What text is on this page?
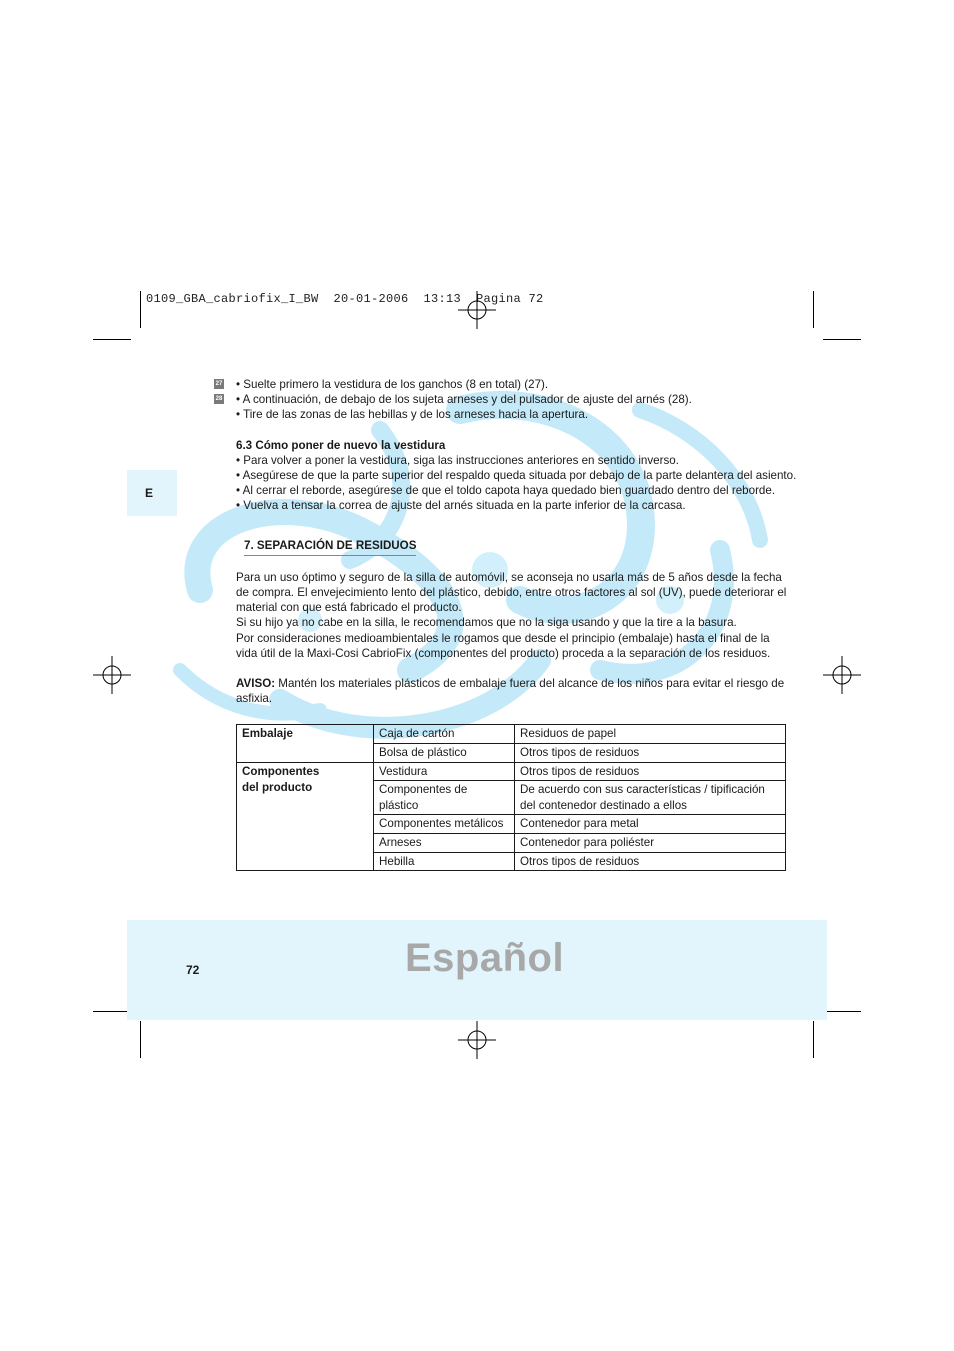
0109_GBA_cabriofix_I_BW  20-01-2006  13:13  Pagina 72
E
27 • Suelte primero la vestidura de los ganchos (8 en total) (27).
28 • A continuación, de debajo de los sujeta arneses y del pulsador de ajuste del arnés (28).
• Tire de las zonas de las hebillas y de los arneses hacia la apertura.
6.3 Cómo poner de nuevo la vestidura
• Para volver a poner la vestidura, siga las instrucciones anteriores en sentido inverso.
• Asegúrese de que la parte superior del respaldo queda situada por debajo de la parte delantera del asiento.
• Al cerrar el reborde, asegúrese de que el toldo capota haya quedado bien guardado dentro del reborde.
• Vuelva a tensar la correa de ajuste del arnés situada en la parte inferior de la carcasa.
7. SEPARACIÓN DE RESIDUOS
Para un uso óptimo y seguro de la silla de automóvil, se aconseja no usarla más de 5 años desde la fecha
de compra. El envejecimiento lento del plástico, debido, entre otros factores al sol (UV), puede deteriorar el
material con que está fabricado el producto.
Si su hijo ya no cabe en la silla, le recomendamos que no la siga usando y que la tire a la basura.
Por consideraciones medioambientales le rogamos que desde el principio (embalaje) hasta el final de la
vida útil de la Maxi-Cosi CabrioFix (componentes del producto) proceda a la separación de los residuos.
AVISO: Mantén los materiales plásticos de embalaje fuera del alcance de los niños para evitar el riesgo de
asfixia.
Embalaje	Caja de cartón	Residuos de papel
	Bolsa de plástico	Otros tipos de residuos

Componentes
del producto	Vestidura	Otros tipos de residuos
	Componentes de plástico	De acuerdo con sus características / tipificación
del contenedor destinado a ellos

	Componentes metálicos	Contenedor para metal
	Arneses	Contenedor para poliéster
	Hebilla	Otros tipos de residuos
72	Español
